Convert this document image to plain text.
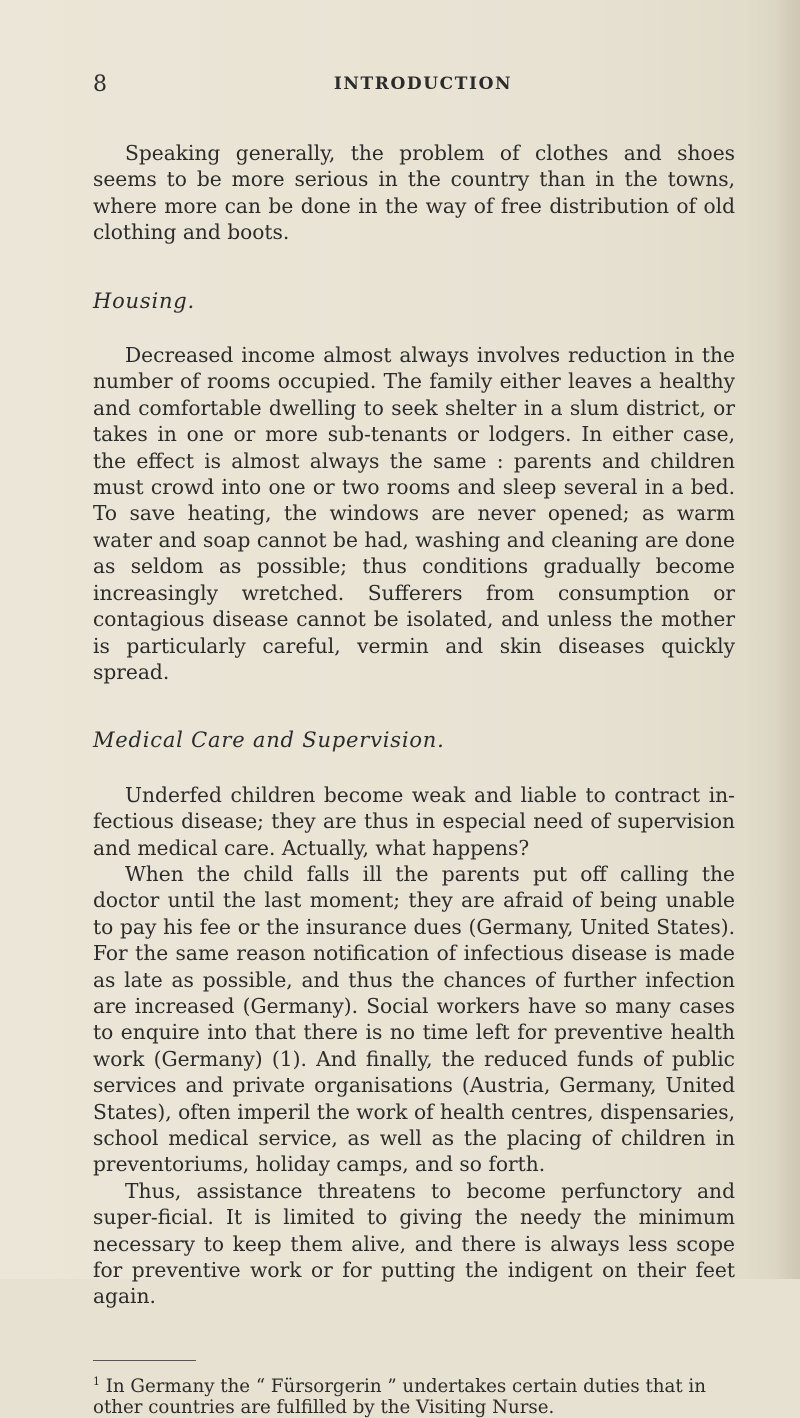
8	INTRODUCTION

Speaking generally, the problem of clothes and shoes seems to be more serious in the country than in the towns, where more can be done in the way of free distribution of old clothing and boots.

Housing.

Decreased income almost always involves reduction in the number of rooms occupied. The family either leaves a healthy and comfortable dwelling to seek shelter in a slum district, or takes in one or more sub-tenants or lodgers. In either case, the effect is almost always the same : parents and children must crowd into one or two rooms and sleep several in a bed. To save heating, the windows are never opened; as warm water and soap cannot be had, washing and cleaning are done as seldom as possible; thus conditions gradually become increasingly wretched. Sufferers from consumption or contagious disease cannot be isolated, and unless the mother is particularly careful, vermin and skin diseases quickly spread.

Medical Care and Supervision.

Underfed children become weak and liable to contract in-fectious disease; they are thus in especial need of supervision and medical care. Actually, what happens?

When the child falls ill the parents put off calling the doctor until the last moment; they are afraid of being unable to pay his fee or the insurance dues (Germany, United States). For the same reason notification of infectious disease is made as late as possible, and thus the chances of further infection are increased (Germany). Social workers have so many cases to enquire into that there is no time left for preventive health work (Germany) (1). And finally, the reduced funds of public services and private organisations (Austria, Germany, United States), often imperil the work of health centres, dispensaries, school medical service, as well as the placing of children in preventoriums, holiday camps, and so forth.

Thus, assistance threatens to become perfunctory and super-ficial. It is limited to giving the needy the minimum necessary to keep them alive, and there is always less scope for preventive work or for putting the indigent on their feet again.

$^1$ In Germany the “ Fürsorgerin ” undertakes certain duties that in other countries are fulfilled by the Visiting Nurse.
